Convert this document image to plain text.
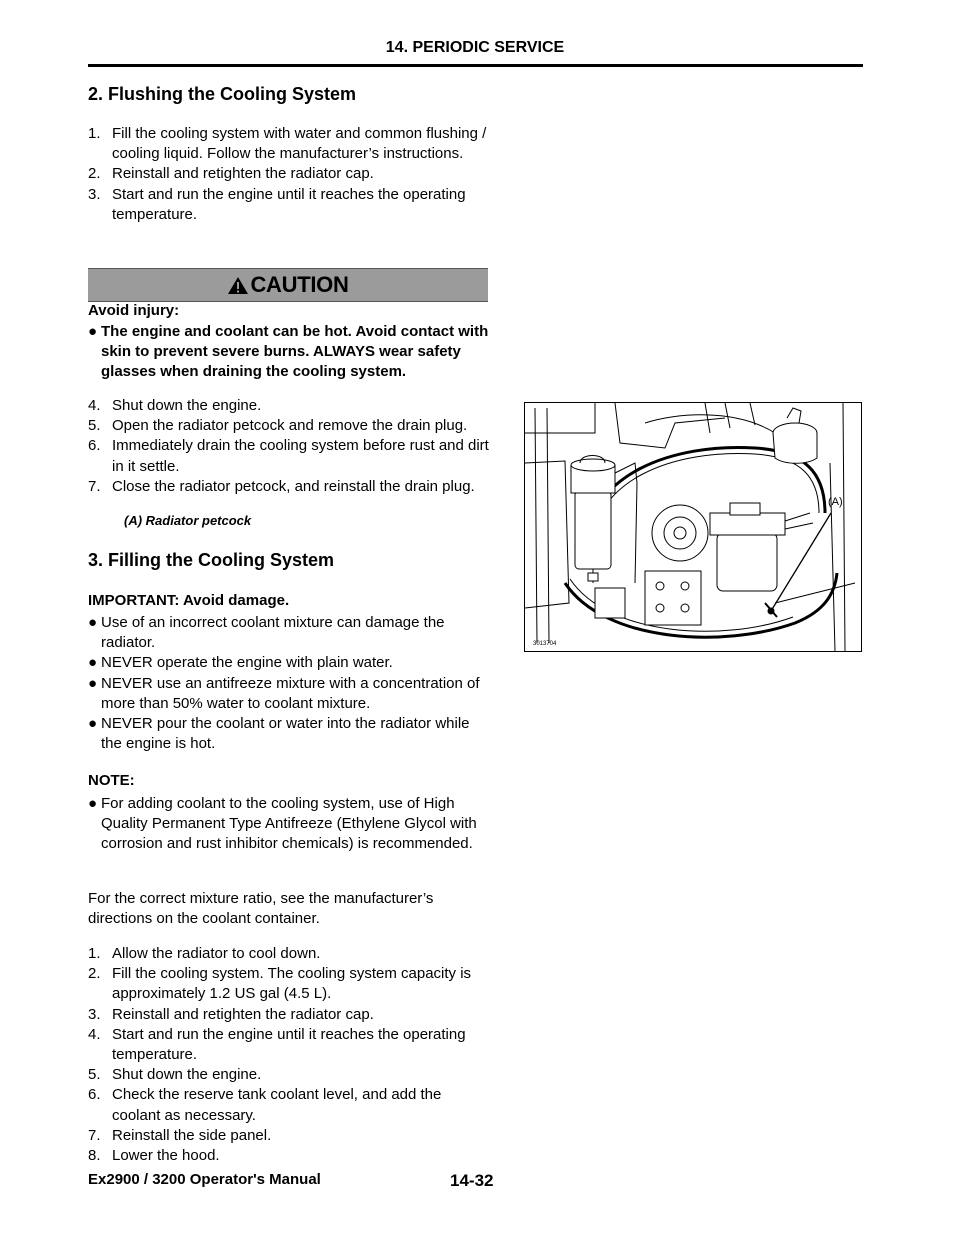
14. PERIODIC SERVICE
2. Flushing the Cooling System
1. Fill the cooling system with water and common flushing / cooling liquid. Follow the manufacturer’s instructions.
2. Reinstall and retighten the radiator cap.
3. Start and run the engine until it reaches the operating temperature.
CAUTION
Avoid injury:
● The engine and coolant can be hot. Avoid contact with skin to prevent severe burns. ALWAYS wear safety glasses when draining the cooling system.
4. Shut down the engine.
5. Open the radiator petcock and remove the drain plug.
6. Immediately drain the cooling system before rust and dirt in it settle.
7. Close the radiator petcock, and reinstall the drain plug.
(A) Radiator petcock
(A)
3013704
3. Filling the Cooling System
IMPORTANT: Avoid damage.
● Use of an incorrect coolant mixture can damage the radiator.
● NEVER operate the engine with plain water.
● NEVER use an antifreeze mixture with a concentration of more than 50% water to coolant mixture.
● NEVER pour the coolant or water into the radiator while the engine is hot.
NOTE:
● For adding coolant to the cooling system, use of High Quality Permanent Type Antifreeze (Ethylene Glycol with corrosion and rust inhibitor chemicals) is recommended.
For the correct mixture ratio, see the manufacturer’s directions on the coolant container.
1. Allow the radiator to cool down.
2. Fill the cooling system. The cooling system capacity is approximately 1.2 US gal (4.5 L).
3. Reinstall and retighten the radiator cap.
4. Start and run the engine until it reaches the operating temperature.
5. Shut down the engine.
6. Check the reserve tank coolant level, and add the coolant as necessary.
7. Reinstall the side panel.
8. Lower the hood.
Ex2900 / 3200 Operator's Manual	14-32
